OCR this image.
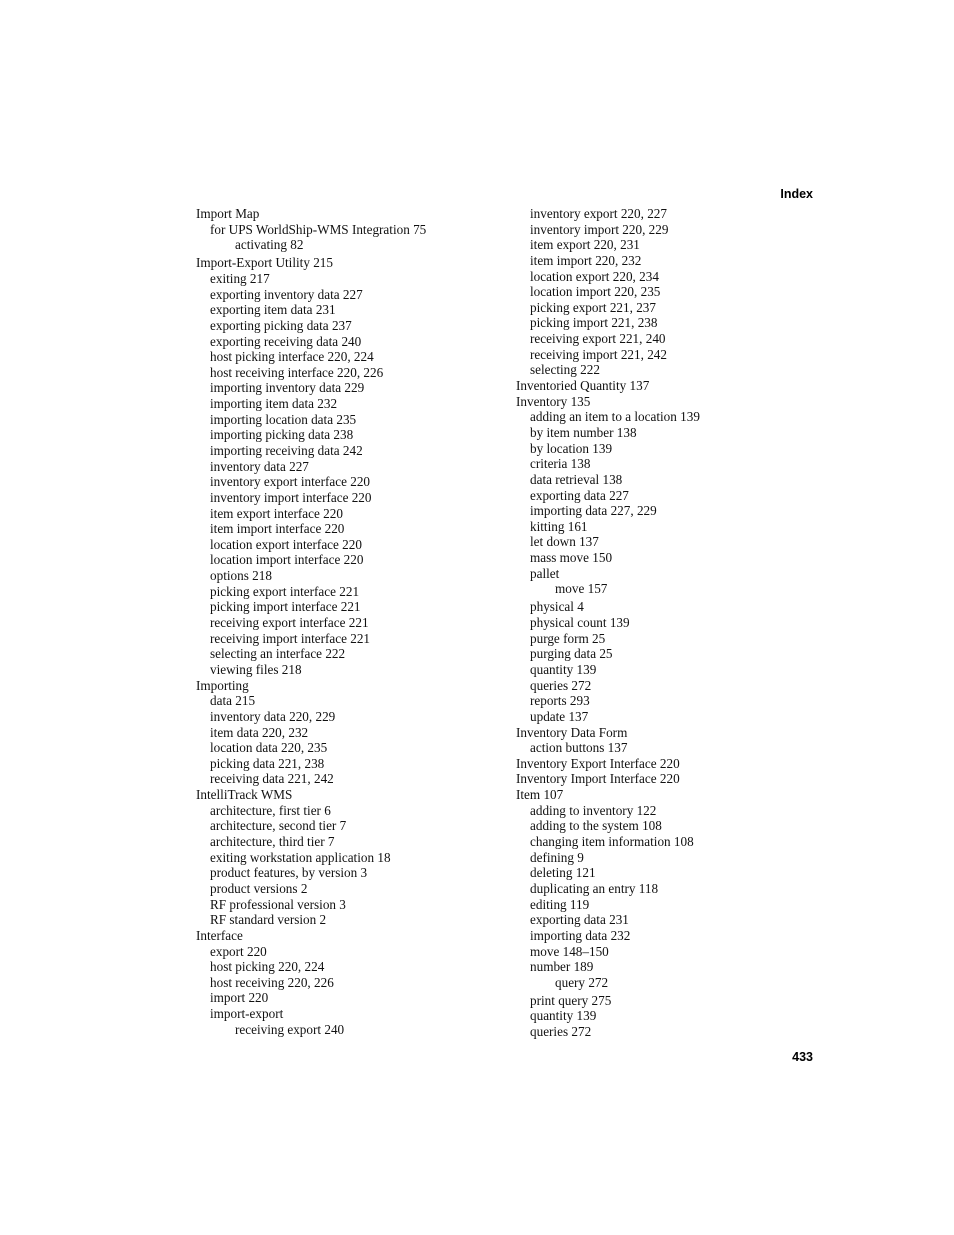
Index
Import Map
for UPS WorldShip-WMS Integration 75
activating 82
Import-Export Utility 215
exiting 217
exporting inventory data 227
exporting item data 231
exporting picking data 237
exporting receiving data 240
host picking interface 220, 224
host receiving interface 220, 226
importing inventory data 229
importing item data 232
importing location data 235
importing picking data 238
importing receiving data 242
inventory data 227
inventory export interface 220
inventory import interface 220
item export interface 220
item import interface 220
location export interface 220
location import interface 220
options 218
picking export interface 221
picking import interface 221
receiving export interface 221
receiving import interface 221
selecting an interface 222
viewing files 218
Importing
data 215
inventory data 220, 229
item data 220, 232
location data 220, 235
picking data 221, 238
receiving data 221, 242
IntelliTrack WMS
architecture, first tier 6
architecture, second tier 7
architecture, third tier 7
exiting workstation application 18
product features, by version 3
product versions 2
RF professional version 3
RF standard version 2
Interface
export 220
host picking 220, 224
host receiving 220, 226
import 220
import-export
receiving export 240
inventory export 220, 227
inventory import 220, 229
item export 220, 231
item import 220, 232
location export 220, 234
location import 220, 235
picking export 221, 237
picking import 221, 238
receiving export 221, 240
receiving import 221, 242
selecting 222
Inventoried Quantity 137
Inventory 135
adding an item to a location 139
by item number 138
by location 139
criteria 138
data retrieval 138
exporting data 227
importing data 227, 229
kitting 161
let down 137
mass move 150
pallet
move 157
physical 4
physical count 139
purge form 25
purging data 25
quantity 139
queries 272
reports 293
update 137
Inventory Data Form
action buttons 137
Inventory Export Interface 220
Inventory Import Interface 220
Item 107
adding to inventory 122
adding to the system 108
changing item information 108
defining 9
deleting 121
duplicating an entry 118
editing 119
exporting data 231
importing data 232
move 148–150
number 189
query 272
print query 275
quantity 139
queries 272
433
